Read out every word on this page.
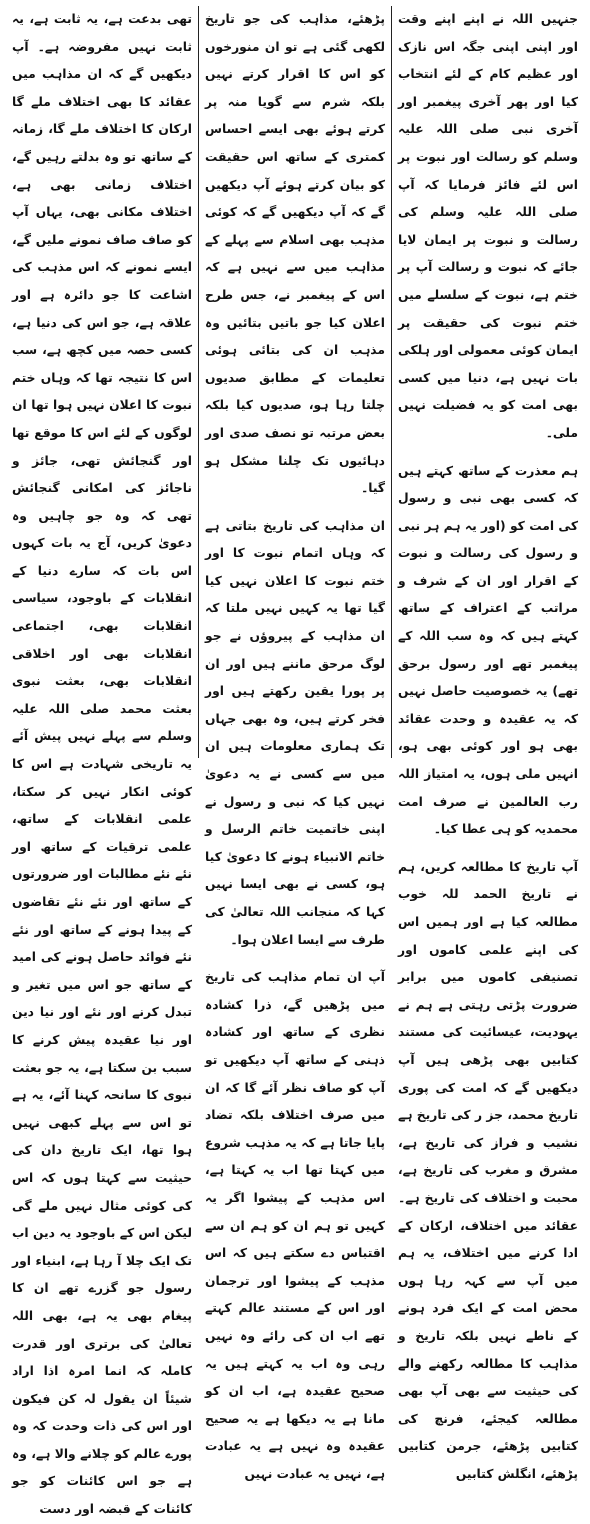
جنہیں اللہ نے اپنے اپنے وقت اور اپنی اپنی جگہ اس نازک اور عظیم کام کے لئے انتخاب کیا اور پھر آخری پیغمبر اور آخری نبی صلی اللہ علیہ وسلم کو رسالت اور نبوت پر اس لئے فائز فرمایا کہ آپ صلی اللہ علیہ وسلم کی رسالت و نبوت پر ایمان لایا جائے کہ نبوت و رسالت آپ پر ختم ہے، نبوت کے سلسلے میں ختم نبوت کی حقیقت پر ایمان کوئی معمولی اور ہلکی بات نہیں ہے، دنیا میں کسی بھی امت کو یہ فضیلت نہیں ملی۔

ہم معذرت کے ساتھ کہتے ہیں کہ کسی بھی نبی و رسول کی امت کو (اور یہ ہم ہر نبی و رسول کی رسالت و نبوت کے اقرار اور ان کے شرف و مراتب کے اعتراف کے ساتھ کہتے ہیں کہ وہ سب اللہ کے پیغمبر تھے اور رسول برحق تھے) یہ خصوصیت حاصل نہیں کہ یہ عقیدہ و وحدت عقائد بھی ہو اور کوئی بھی ہو، انہیں ملی ہوں، یہ امتیاز اللہ رب العالمین نے صرف امت محمدیہ کو ہی عطا کیا۔

آپ تاریخ کا مطالعہ کریں، ہم نے تاریخ الحمد للہ خوب مطالعہ کیا ہے اور ہمیں اس کی اپنے علمی کاموں اور تصنیفی کاموں میں برابر ضرورت پڑتی رہتی ہے ہم نے یہودیت، عیسائیت کی مستند کتابیں بھی پڑھی ہیں آپ دیکھیں گے کہ امت کی پوری تاریخ محمد، جز ر کی تاریخ ہے نشیب و فراز کی تاریخ ہے، مشرق و مغرب کی تاریخ ہے، محبت و اختلاف کی تاریخ ہے۔ عقائد میں اختلاف، ارکان کے ادا کرنے میں اختلاف، یہ ہم میں آپ سے کہہ رہا ہوں محض امت کے ایک فرد ہونے کے ناطے نہیں بلکہ تاریخ و مذاہب کا مطالعہ رکھنے والے کی حیثیت سے بھی آپ بھی مطالعہ کیجئے، فرنچ کی کتابیں پڑھئے، جرمن کتابیں پڑھئے، انگلش کتابیں

پڑھئے، مذاہب کی جو تاریخ لکھی گئی ہے تو ان منورخوں کو اس کا اقرار کرتے نہیں بلکہ شرم سے گویا منہ پر کرتے ہوئے بھی ایسے احساس کمتری کے ساتھ اس حقیقت کو بیان کرتے ہوئے آپ دیکھیں گے کہ آپ دیکھیں گے کہ کوئی مذہب بھی اسلام سے پہلے کے مذاہب میں سے نہیں ہے کہ اس کے پیغمبر نے، جس طرح اعلان کیا جو باتیں بتائیں وہ مذہب ان کی بتائی ہوئی تعلیمات کے مطابق صدیوں چلتا رہا ہو، صدیوں کیا بلکہ بعض مرتبہ تو نصف صدی اور دہائیوں تک چلنا مشکل ہو گیا۔

ان مذاہب کی تاریخ بتاتی ہے کہ وہاں اتمام نبوت کا اور ختم نبوت کا اعلان نہیں کیا گیا تھا یہ کہیں نہیں ملتا کہ ان مذاہب کے پیروؤں نے جو لوگ مرحق ماننے ہیں اور ان پر پورا یقین رکھتے ہیں اور فخر کرتے ہیں، وہ بھی جہاں تک ہماری معلومات ہیں ان میں سے کسی نے یہ دعویٰ نہیں کیا کہ نبی و رسول نے اپنی خاتمیت خاتم الرسل و خاتم الانبیاء ہونے کا دعویٰ کیا ہو، کسی نے بھی ایسا نہیں کہا کہ منجانب اللہ تعالیٰ کی طرف سے ایسا اعلان ہوا۔

آپ ان تمام مذاہب کی تاریخ میں پڑھیں گے، ذرا کشادہ نظری کے ساتھ اور کشادہ ذہنی کے ساتھ آپ دیکھیں تو آپ کو صاف نظر آئے گا کہ ان میں صرف اختلاف بلکہ تضاد پایا جاتا ہے کہ یہ مذہب شروع میں کہتا تھا اب یہ کہتا ہے، اس مذہب کے پیشوا اگر یہ کہیں تو ہم ان کو ہم ان سے اقتباس دے سکتے ہیں کہ اس مذہب کے پیشوا اور ترجمان اور اس کے مستند عالم کہتے تھے اب ان کی رائے وہ نہیں رہی وہ اب یہ کہتے ہیں یہ صحیح عقیدہ ہے، اب ان کو مانا ہے یہ دیکھا ہے یہ صحیح عقیدہ وہ نہیں ہے یہ عبادت ہے، نہیں یہ عبادت نہیں

تھی بدعت ہے، یہ ثابت ہے، یہ ثابت نہیں مفروضہ ہے۔ آپ دیکھیں گے کہ ان مذاہب میں عقائد کا بھی اختلاف ملے گا ارکان کا اختلاف ملے گا، زمانہ کے ساتھ تو وہ بدلتے رہیں گے، اختلاف زمانی بھی ہے، اختلاف مکانی بھی، یہاں آپ کو صاف صاف نمونے ملیں گے، ایسے نمونے کہ اس مذہب کی اشاعت کا جو دائرہ ہے اور علاقہ ہے، جو اس کی دنیا ہے، کسی حصہ میں کچھ ہے، سب اس کا نتیجہ تھا کہ وہاں ختم نبوت کا اعلان نہیں ہوا تھا ان لوگوں کے لئے اس کا موقع تھا اور گنجائش تھی، جائز و ناجائز کی امکانی گنجائش تھی کہ وہ جو چاہیں وہ دعویٰ کریں، آج یہ بات کہوں اس بات کہ سارے دنیا کے انقلابات کے باوجود، سیاسی انقلابات بھی، اجتماعی انقلابات بھی اور اخلاقی انقلابات بھی، بعثت نبوی بعثت محمد صلی اللہ علیہ وسلم سے پہلے نہیں پیش آئے یہ تاریخی شہادت ہے اس کا کوئی انکار نہیں کر سکتا، علمی انقلابات کے ساتھ، علمی ترقیات کے ساتھ اور نئے نئے مطالبات اور ضرورتوں کے ساتھ اور نئے نئے تقاضوں کے پیدا ہونے کے ساتھ اور نئے نئے فوائد حاصل ہونے کی امید کے ساتھ جو اس میں تغیر و تبدل کرنے اور نئے اور نیا دین اور نیا عقیدہ پیش کرنے کا سبب بن سکتا ہے، یہ جو بعثت نبوی کا سانحہ کہنا آئے، یہ ہے تو اس سے پہلے کبھی نہیں ہوا تھا، ایک تاریخ دان کی حیثیت سے کہتا ہوں کہ اس کی کوئی مثال نہیں ملے گی لیکن اس کے باوجود یہ دین اب تک ایک چلا آ رہا ہے، ابنیاء اور رسول جو گزرے تھے ان کا پیغام بھی یہ ہے، بھی اللہ تعالیٰ کی برتری اور قدرت کاملہ کہ انما امرہ اذا اراد شیئاً ان یقول لہ کن فیکون اور اس کی ذات وحدت کہ وہ پورے عالم کو چلانے والا ہے، وہ ہے جو اس کائنات کو جو کائنات کے قبضہ اور دست
